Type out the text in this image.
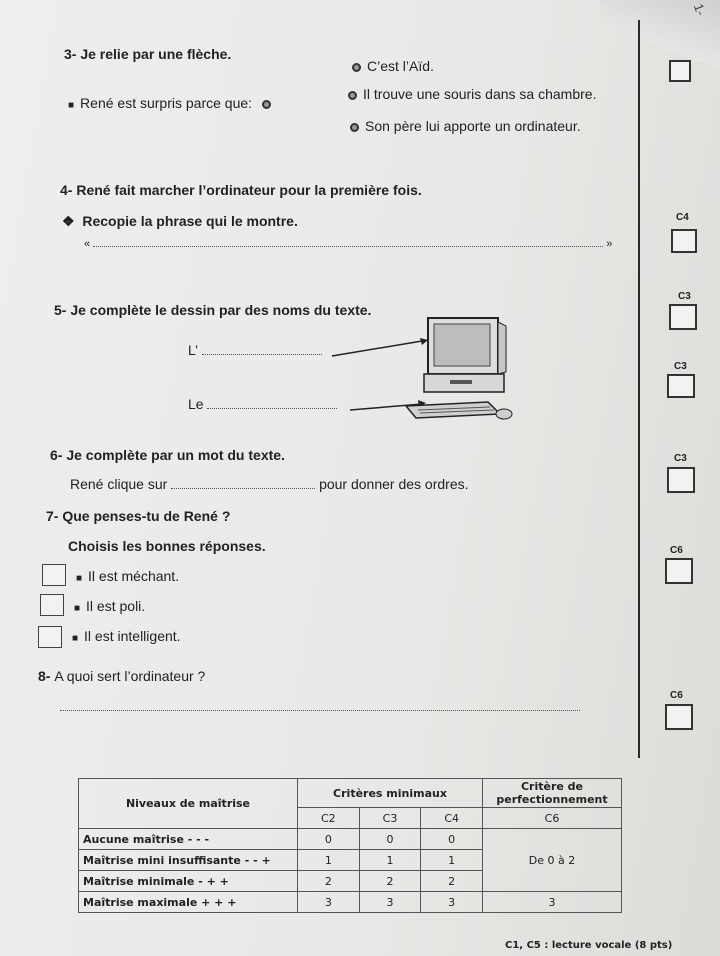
1-
3- Je relie par une flèche.
■ René est surpris parce que:
C’est l’Aïd.
Il trouve une souris dans sa chambre.
Son père lui apporte un ordinateur.
4- René fait marcher l’ordinateur pour la première fois.
❖ Recopie la phrase qui le montre.
«	»
5- Je complète le dessin par des noms du texte.
L’
Le
6- Je complète par un mot du texte.
René clique sur	pour donner des ordres.
7- Que penses-tu de René ?
Choisis les bonnes réponses.
■ Il est méchant.
■ Il est poli.
■ Il est intelligent.
8- A quoi sert l’ordinateur ?
C4
C3
C3
C3
C6
C6
Niveaux de maîtrise	Critères minimaux			Critère de perfectionnement
	C2	C3	C4	C6
Aucune maîtrise - - -	0	0	0	De 0 à 2
Maîtrise mini insuffisante - - +	1	1	1	
Maîtrise minimale - + +	2	2	2	
Maîtrise maximale + + +	3	3	3	3
C1, C5 : lecture vocale (8 pts)
